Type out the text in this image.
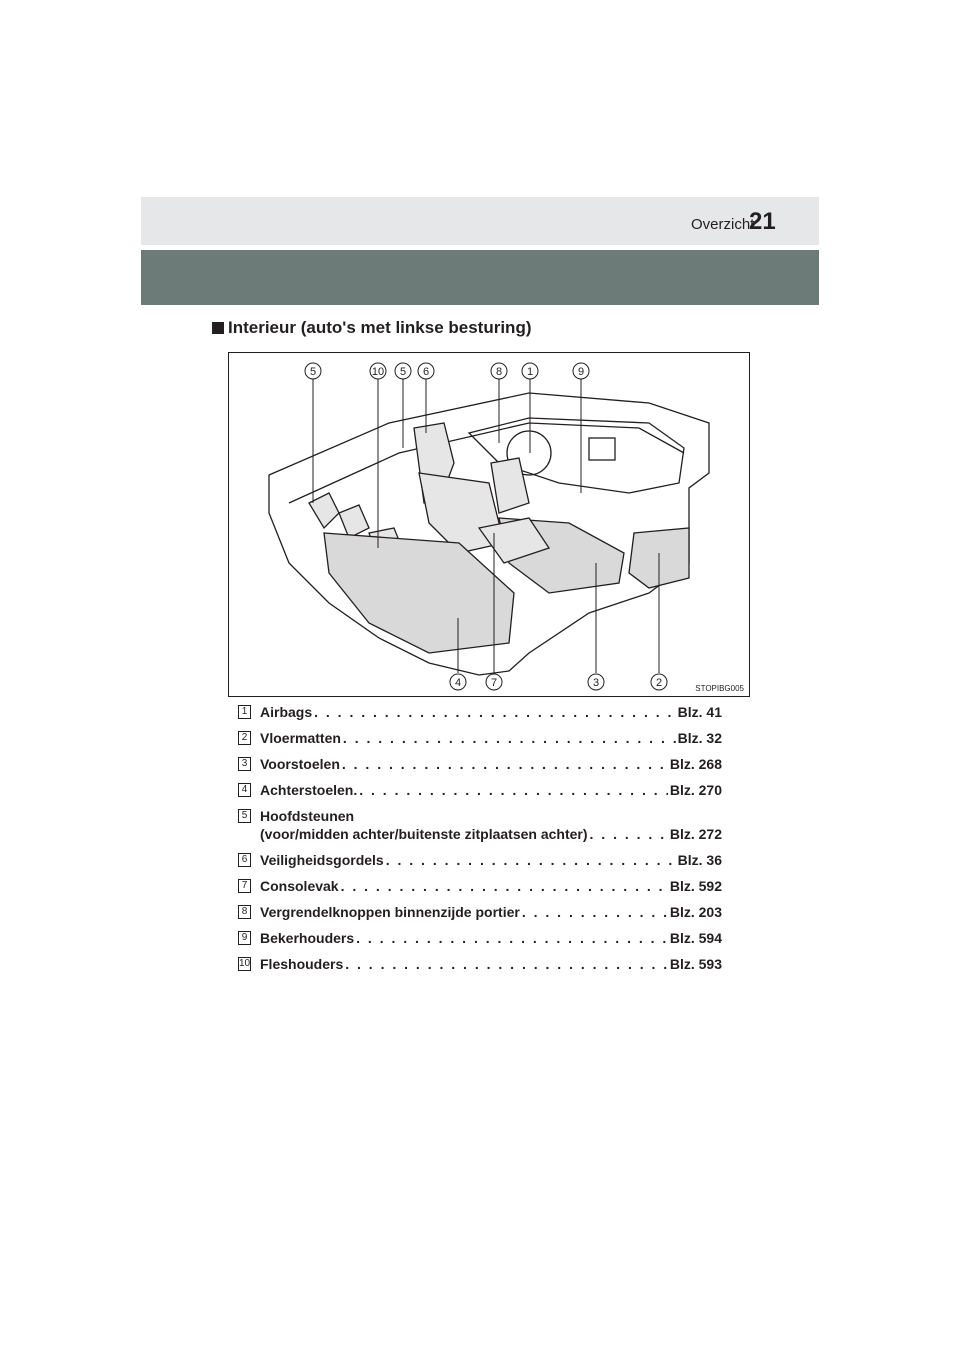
Overzicht
21
Interieur (auto's met linkse besturing)
5	10 5 6	8 1	9
4	7	3	2	STOPIBG005
1 Airbags . . .	Blz. 41
2 Vloermatten . . .	Blz. 32
3 Voorstoelen . . .	Blz. 268
4 Achterstoelen. . . .	Blz. 270
5 Hoofdsteunen
(voor/midden achter/buitenste zitplaatsen achter) . . .	Blz. 272
6 Veiligheidsgordels . . .	Blz. 36
7 Consolevak . . .	Blz. 592
8 Vergrendelknoppen binnenzijde portier . . .	Blz. 203
9 Bekerhouders . . .	Blz. 594
10 Fleshouders . . .	Blz. 593
